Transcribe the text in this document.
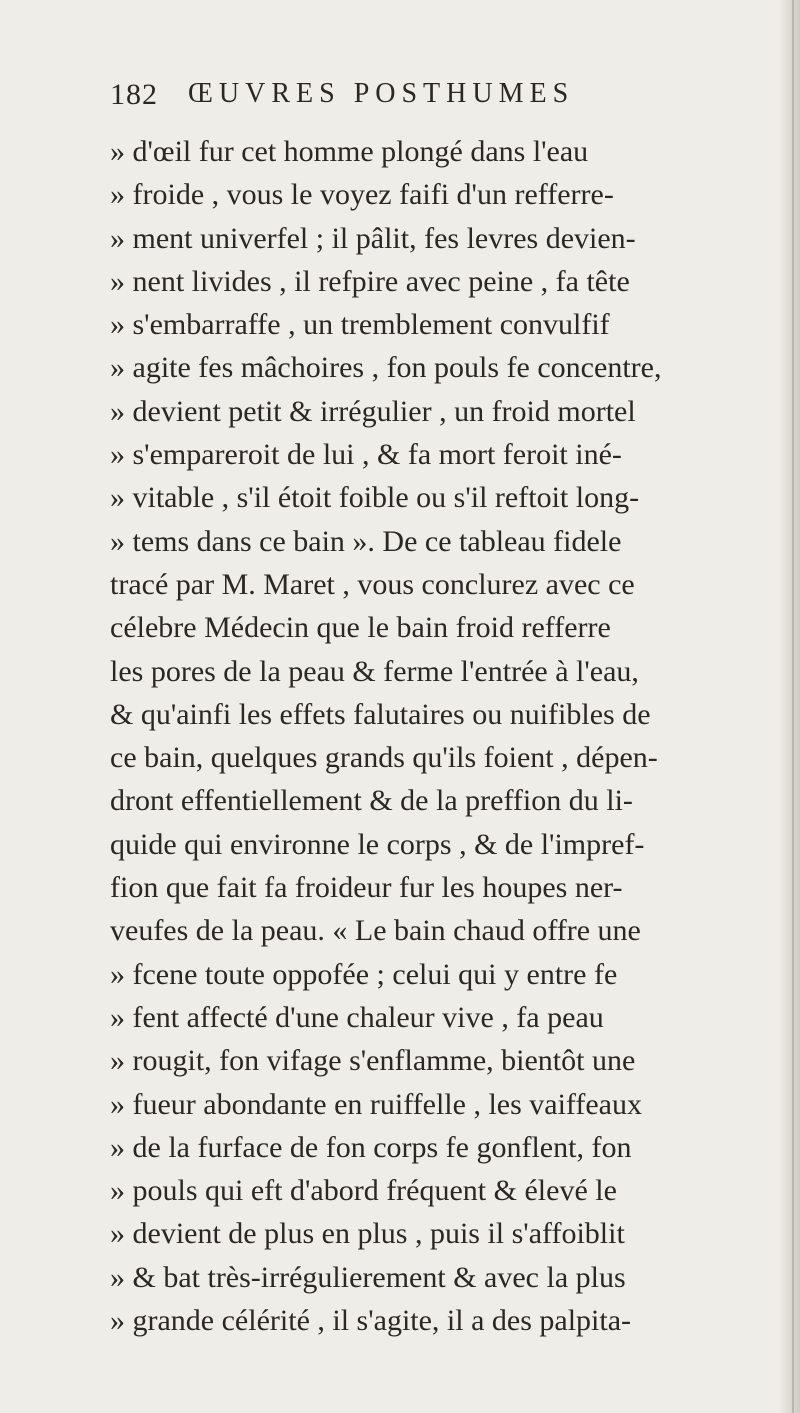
182 ŒUVRES POSTHUMES
» d'œil fur cet homme plongé dans l'eau
» froide , vous le voyez faifi d'un refferre-
» ment univerfel ; il pâlit, fes levres devien-
» nent livides , il refpire avec peine , fa tête
» s'embarraffe , un tremblement convulfif
» agite fes mâchoires , fon pouls fe concentre,
» devient petit & irrégulier , un froid mortel
» s'empareroit de lui , & fa mort feroit iné-
» vitable , s'il étoit foible ou s'il reftoit long-
» tems dans ce bain ». De ce tableau fidele
tracé par M. Maret , vous conclurez avec ce
célebre Médecin que le bain froid refferre
les pores de la peau & ferme l'entrée à l'eau,
& qu'ainfi les effets falutaires ou nuifibles de
ce bain, quelques grands qu'ils foient , dépen-
dront effentiellement & de la preffion du li-
quide qui environne le corps , & de l'impref-
fion que fait fa froideur fur les houpes ner-
veufes de la peau. « Le bain chaud offre une
» fcene toute oppofée ; celui qui y entre fe
» fent affecté d'une chaleur vive , fa peau
» rougit, fon vifage s'enflamme, bientôt une
» fueur abondante en ruiffelle , les vaiffeaux
» de la furface de fon corps fe gonflent, fon
» pouls qui eft d'abord fréquent & élevé le
» devient de plus en plus , puis il s'affoiblit
» & bat très-irrégulierement & avec la plus
» grande célérité , il s'agite, il a des palpita-
